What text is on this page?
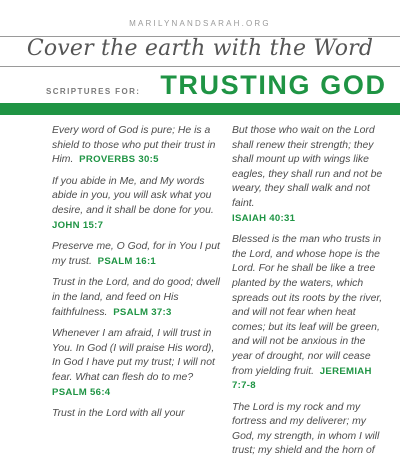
MARILYNANDSARAH.ORG
Cover the earth with the Word
SCRIPTURES FOR: TRUSTING GOD

Every word of God is pure; He is a shield to those who put their trust in Him. PROVERBS 30:5

If you abide in Me, and My words abide in you, you will ask what you desire, and it shall be done for you.  JOHN 15:7

Preserve me, O God, for in You I put my trust. PSALM 16:1

Trust in the Lord, and do good; dwell in the land, and feed on His faithfulness. PSALM 37:3

Whenever I am afraid, I will trust in You. In God (I will praise His word), In God I have put my trust; I will not fear. What can flesh do to me?  PSALM 56:4

Trust in the Lord with all your

But those who wait on the Lord shall renew their strength; they shall mount up with wings like eagles, they shall run and not be weary, they shall walk and not faint.
ISAIAH 40:31

Blessed is the man who trusts in the Lord, and whose hope is the Lord. For he shall be like a tree planted by the waters, which spreads out its roots by the river, and will not fear when heat comes; but its leaf will be green, and will not be anxious in the year of drought, nor will cease from yielding fruit. JEREMIAH 7:7-8

The Lord is my rock and my fortress and my deliverer; my God, my strength, in whom I will trust; my shield and the horn of
